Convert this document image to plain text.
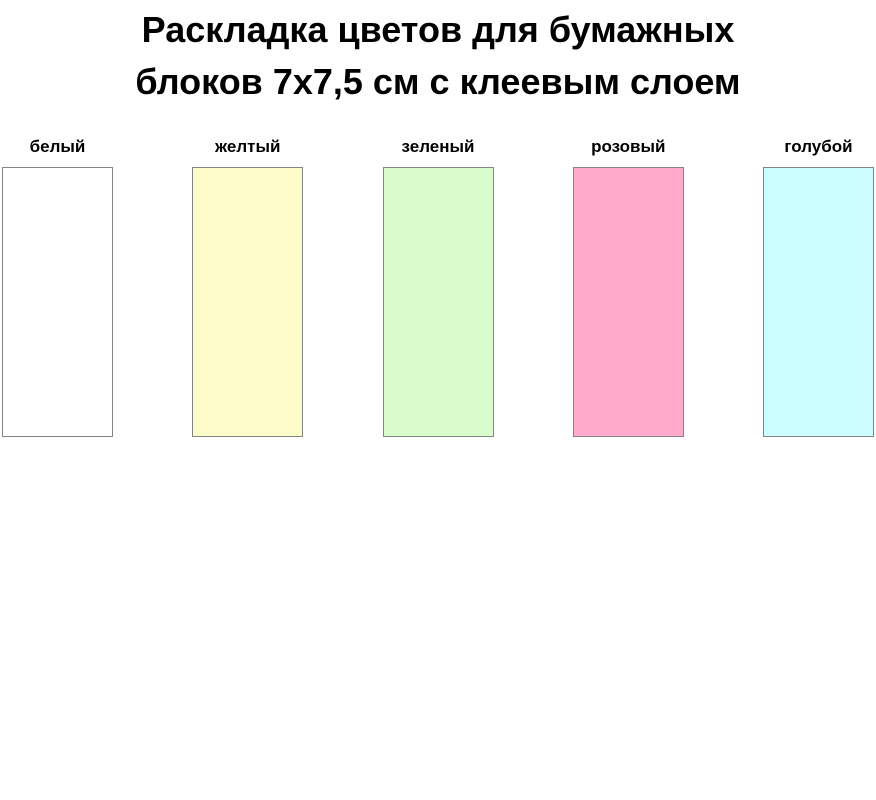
Раскладка цветов для бумажных
блоков 7х7,5 см с клеевым слоем
белый	желтый	зеленый	розовый	голубой
